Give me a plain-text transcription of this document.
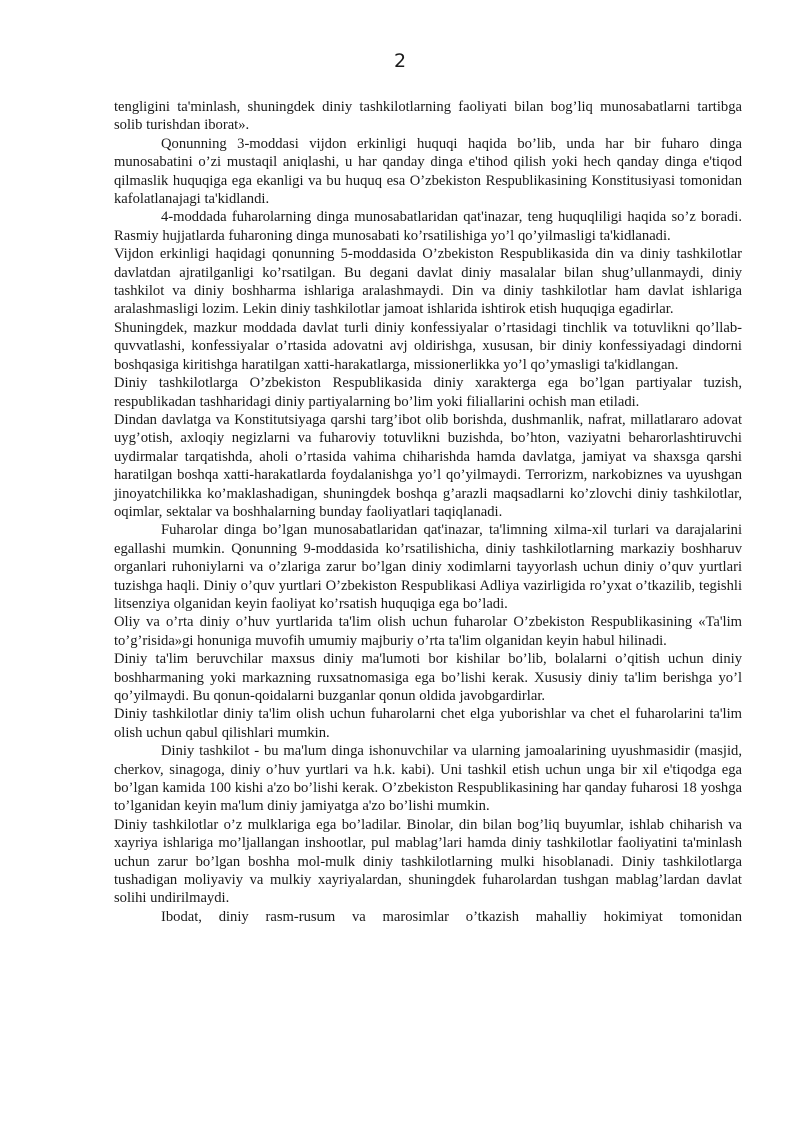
2

tengligini ta'minlash, shuningdek diniy tashkilotlarning faoliyati bilan bog’liq munosabatlarni tartibga solib turishdan iborat».

Qonunning 3-moddasi vijdon erkinligi huquqi haqida bo’lib, unda har bir fuharo dinga munosabatini o’zi mustaqil aniqlashi, u har qanday dinga e'tihod qilish yoki hech qanday dinga e'tiqod qilmaslik huquqiga ega ekanligi va bu huquq esa O’zbekiston Respublikasining Konstitusiyasi tomonidan kafolatlanajagi ta'kidlandi.

4-moddada fuharolarning dinga munosabatlaridan qat'inazar, teng huquqliligi haqida so’z boradi. Rasmiy hujjatlarda fuharoning dinga munosabati ko’rsatilishiga yo’l qo’yilmasligi ta'kidlanadi.

Vijdon erkinligi haqidagi qonunning 5-moddasida O’zbekiston Respublikasida din va diniy tashkilotlar davlatdan ajratilganligi ko’rsatilgan. Bu degani davlat diniy masalalar bilan shug’ullanmaydi, diniy tashkilot va diniy boshharma ishlariga aralashmaydi. Din va diniy tashkilotlar ham davlat ishlariga aralashmasligi lozim. Lekin diniy tashkilotlar jamoat ishlarida ishtirok etish huquqiga egadirlar.

Shuningdek, mazkur moddada davlat turli diniy konfessiyalar o’rtasidagi tinchlik va totuvlikni qo’llab-quvvatlashi, konfessiyalar o’rtasida adovatni avj oldirishga, xususan, bir diniy konfessiyadagi dindorni boshqasiga kiritishga haratilgan xatti-harakatlarga, missionerlikka yo’l qo’ymasligi ta'kidlangan.

Diniy tashkilotlarga O’zbekiston Respublikasida diniy xarakterga ega bo’lgan partiyalar tuzish, respublikadan tashharidagi diniy partiyalarning bo’lim yoki filiallarini ochish man etiladi.

Dindan davlatga va Konstitutsiyaga qarshi targ’ibot olib borishda, dushmanlik, nafrat, millatlararo adovat uyg’otish, axloqiy negizlarni va fuharoviy totuvlikni buzishda, bo’hton, vaziyatni beharorlashtiruvchi uydirmalar tarqatishda, aholi o’rtasida vahima chiharishda hamda davlatga, jamiyat va shaxsga qarshi haratilgan boshqa xatti-harakatlarda foydalanishga yo’l qo’yilmaydi. Terrorizm, narkobiznes va uyushgan jinoyatchilikka ko’maklashadigan, shuningdek boshqa g’arazli maqsadlarni ko’zlovchi diniy tashkilotlar, oqimlar, sektalar va boshhalarning bunday faoliyatlari taqiqlanadi.

Fuharolar dinga bo’lgan munosabatlaridan qat'inazar, ta'limning xilma-xil turlari va darajalarini egallashi mumkin. Qonunning 9-moddasida ko’rsatilishicha, diniy tashkilotlarning markaziy boshharuv organlari ruhoniylarni va o’zlariga zarur bo’lgan diniy xodimlarni tayyorlash uchun diniy o’quv yurtlari tuzishga haqli. Diniy o’quv yurtlari O’zbekiston Respublikasi Adliya vazirligida ro’yxat o’tkazilib, tegishli litsenziya olganidan keyin faoliyat ko’rsatish huquqiga ega bo’ladi.

Oliy va o’rta diniy o’huv yurtlarida ta'lim olish uchun fuharolar O’zbekiston Respublikasining «Ta'lim to’g’risida»gi honuniga muvofih umumiy majburiy o’rta ta'lim olganidan keyin habul hilinadi.

Diniy ta'lim beruvchilar maxsus diniy ma'lumoti bor kishilar bo’lib, bolalarni o’qitish uchun diniy boshharmaning yoki markazning ruxsatnomasiga ega bo’lishi kerak. Xususiy diniy ta'lim berishga yo’l qo’yilmaydi. Bu qonun-qoidalarni buzganlar qonun oldida javobgardirlar.

Diniy tashkilotlar diniy ta'lim olish uchun fuharolarni chet elga yuborishlar va chet el fuharolarini ta'lim olish uchun qabul qilishlari mumkin.

Diniy tashkilot - bu ma'lum dinga ishonuvchilar va ularning jamoalarining uyushmasidir (masjid, cherkov, sinagoga, diniy o’huv yurtlari va h.k. kabi). Uni tashkil etish uchun unga bir xil e'tiqodga ega bo’lgan kamida 100 kishi a'zo bo’lishi kerak. O’zbekiston Respublikasining har qanday fuharosi 18 yoshga to’lganidan keyin ma'lum diniy jamiyatga a'zo bo’lishi mumkin.

Diniy tashkilotlar o’z mulklariga ega bo’ladilar. Binolar, din bilan bog’liq buyumlar, ishlab chiharish va xayriya ishlariga mo’ljallangan inshootlar, pul mablag’lari hamda diniy tashkilotlar faoliyatini ta'minlash uchun zarur bo’lgan boshha mol-mulk diniy tashkilotlarning mulki hisoblanadi. Diniy tashkilotlarga tushadigan moliyaviy va mulkiy xayriyalardan, shuningdek fuharolardan tushgan mablag’lardan davlat solihi undirilmaydi.

Ibodat, diniy rasm-rusum va marosimlar o’tkazish mahalliy hokimiyat tomonidan
